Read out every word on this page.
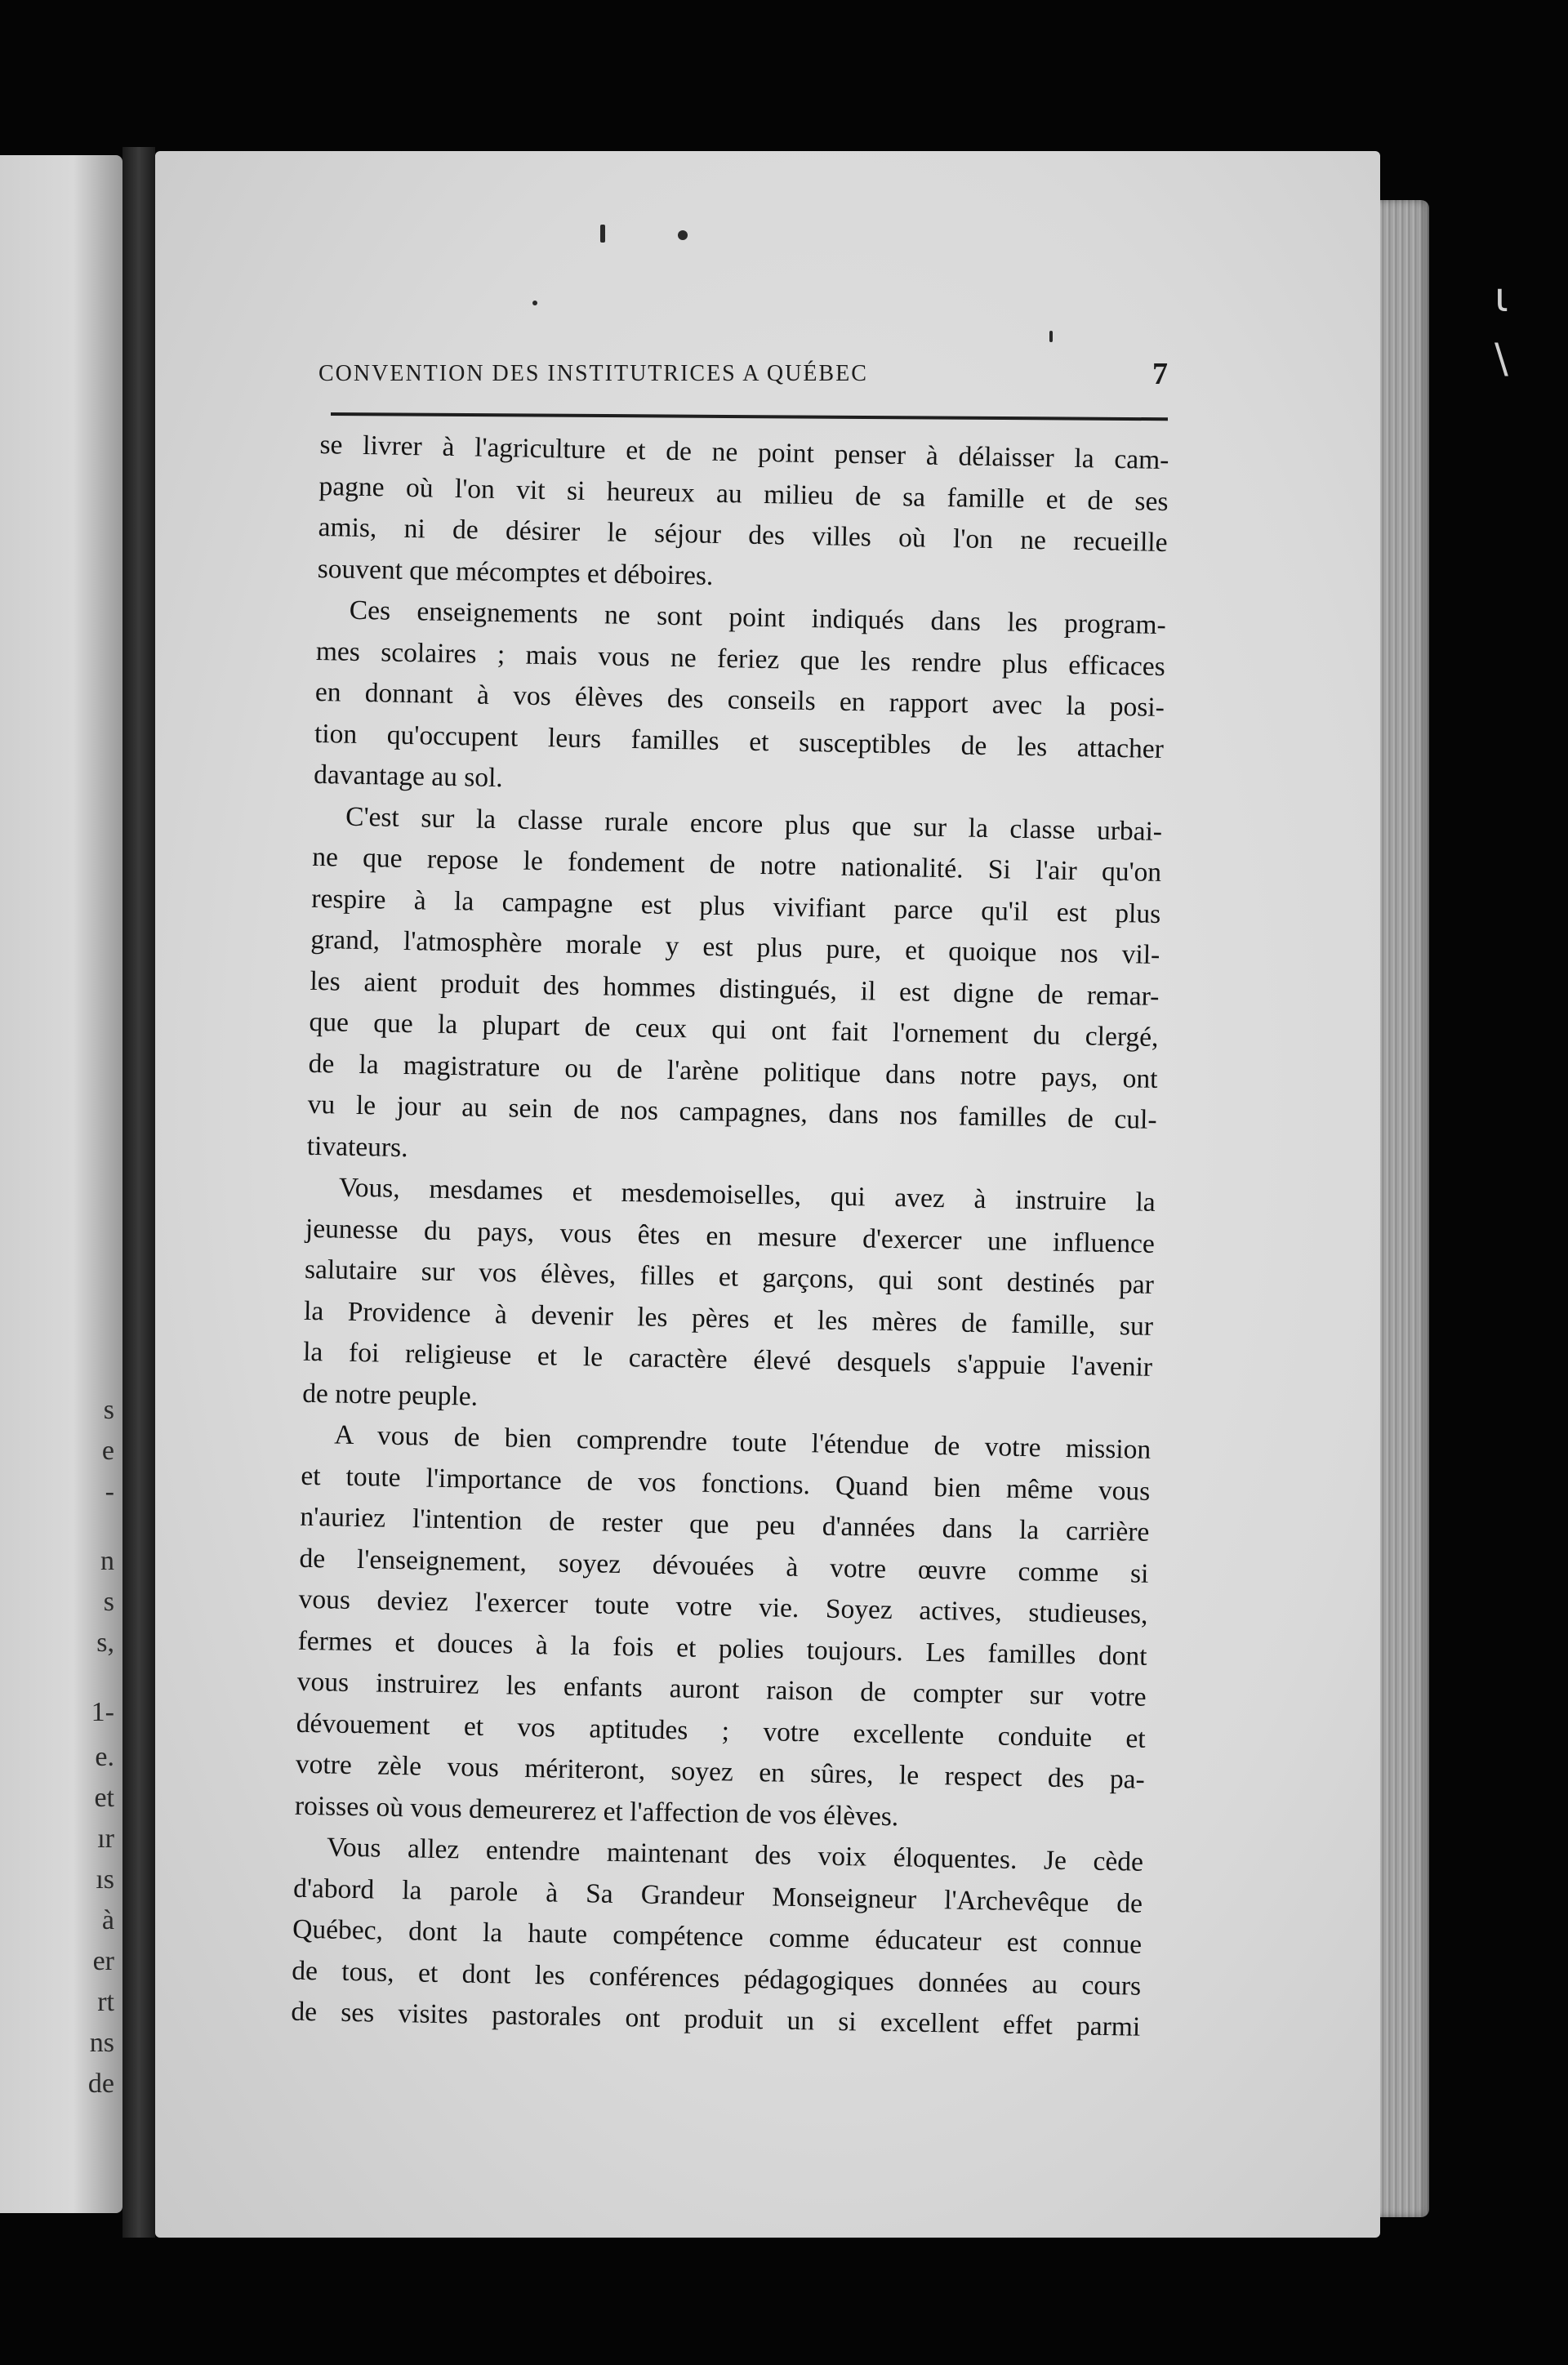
s
e
-
n
s
s,
1-
e.
et
ır
ıs
à
er
rt
ns
de
ɩ
\
CONVENTION DES INSTITUTRICES A QUÉBEC	7
se livrer à l'agriculture et de ne point penser à délaisser la cam-
pagne où l'on vit si heureux au milieu de sa famille et de ses
amis, ni de désirer le séjour des villes où l'on ne recueille
souvent que mécomptes et déboires.
Ces enseignements ne sont point indiqués dans les program-
mes scolaires ; mais vous ne feriez que les rendre plus efficaces
en donnant à vos élèves des conseils en rapport avec la posi-
tion qu'occupent leurs familles et susceptibles de les attacher
davantage au sol.
C'est sur la classe rurale encore plus que sur la classe urbai-
ne que repose le fondement de notre nationalité. Si l'air qu'on
respire à la campagne est plus vivifiant parce qu'il est plus
grand, l'atmosphère morale y est plus pure, et quoique nos vil-
les aient produit des hommes distingués, il est digne de remar-
que que la plupart de ceux qui ont fait l'ornement du clergé,
de la magistrature ou de l'arène politique dans notre pays, ont
vu le jour au sein de nos campagnes, dans nos familles de cul-
tivateurs.
Vous, mesdames et mesdemoiselles, qui avez à instruire la
jeunesse du pays, vous êtes en mesure d'exercer une influence
salutaire sur vos élèves, filles et garçons, qui sont destinés par
la Providence à devenir les pères et les mères de famille, sur
la foi religieuse et le caractère élevé desquels s'appuie l'avenir
de notre peuple.
A vous de bien comprendre toute l'étendue de votre mission
et toute l'importance de vos fonctions. Quand bien même vous
n'auriez l'intention de rester que peu d'années dans la carrière
de l'enseignement, soyez dévouées à votre œuvre comme si
vous deviez l'exercer toute votre vie. Soyez actives, studieuses,
fermes et douces à la fois et polies toujours. Les familles dont
vous instruirez les enfants auront raison de compter sur votre
dévouement et vos aptitudes ; votre excellente conduite et
votre zèle vous mériteront, soyez en sûres, le respect des pa-
roisses où vous demeurerez et l'affection de vos élèves.
Vous allez entendre maintenant des voix éloquentes. Je cède
d'abord la parole à Sa Grandeur Monseigneur l'Archevêque de
Québec, dont la haute compétence comme éducateur est connue
de tous, et dont les conférences pédagogiques données au cours
de ses visites pastorales ont produit un si excellent effet parmi
